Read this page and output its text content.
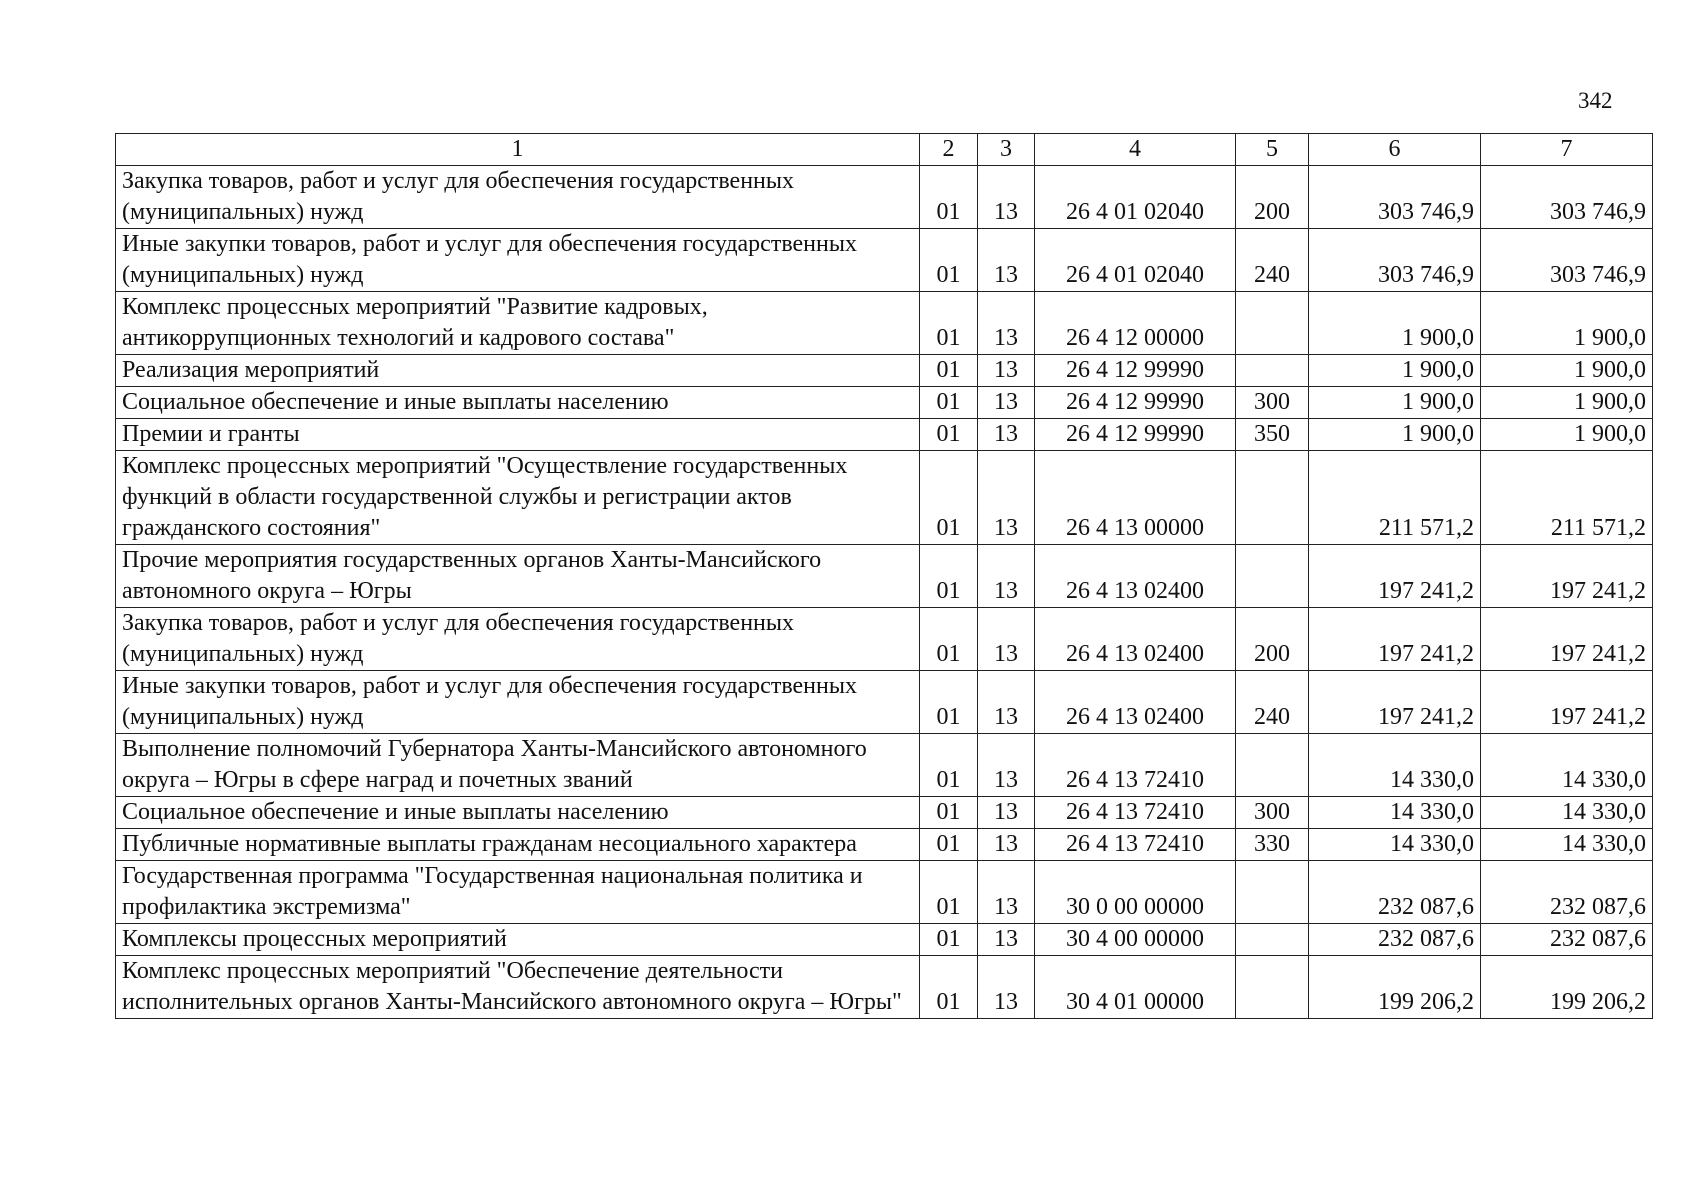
342
1	2	3	4	5	6	7
Закупка товаров, работ и услуг для обеспечения государственных (муниципальных) нужд	01	13	26 4 01 02040	200	303 746,9	303 746,9
Иные закупки товаров, работ и услуг для обеспечения государственных (муниципальных) нужд	01	13	26 4 01 02040	240	303 746,9	303 746,9
Комплекс процессных мероприятий "Развитие кадровых, антикоррупционных технологий и кадрового состава"	01	13	26 4 12 00000		1 900,0	1 900,0
Реализация мероприятий	01	13	26 4 12 99990		1 900,0	1 900,0
Социальное обеспечение и иные выплаты населению	01	13	26 4 12 99990	300	1 900,0	1 900,0
Премии и гранты	01	13	26 4 12 99990	350	1 900,0	1 900,0
Комплекс процессных мероприятий "Осуществление государственных функций в области государственной службы и регистрации актов гражданского состояния"	01	13	26 4 13 00000		211 571,2	211 571,2
Прочие мероприятия государственных органов Ханты-Мансийского автономного округа – Югры	01	13	26 4 13 02400		197 241,2	197 241,2
Закупка товаров, работ и услуг для обеспечения государственных (муниципальных) нужд	01	13	26 4 13 02400	200	197 241,2	197 241,2
Иные закупки товаров, работ и услуг для обеспечения государственных (муниципальных) нужд	01	13	26 4 13 02400	240	197 241,2	197 241,2
Выполнение полномочий Губернатора Ханты-Мансийского автономного округа – Югры в сфере наград и почетных званий	01	13	26 4 13 72410		14 330,0	14 330,0
Социальное обеспечение и иные выплаты населению	01	13	26 4 13 72410	300	14 330,0	14 330,0
Публичные нормативные выплаты гражданам несоциального характера	01	13	26 4 13 72410	330	14 330,0	14 330,0
Государственная программа "Государственная национальная политика и профилактика экстремизма"	01	13	30 0 00 00000		232 087,6	232 087,6
Комплексы процессных мероприятий	01	13	30 4 00 00000		232 087,6	232 087,6
Комплекс процессных мероприятий "Обеспечение деятельности исполнительных органов Ханты-Мансийского автономного округа – Югры"	01	13	30 4 01 00000		199 206,2	199 206,2
